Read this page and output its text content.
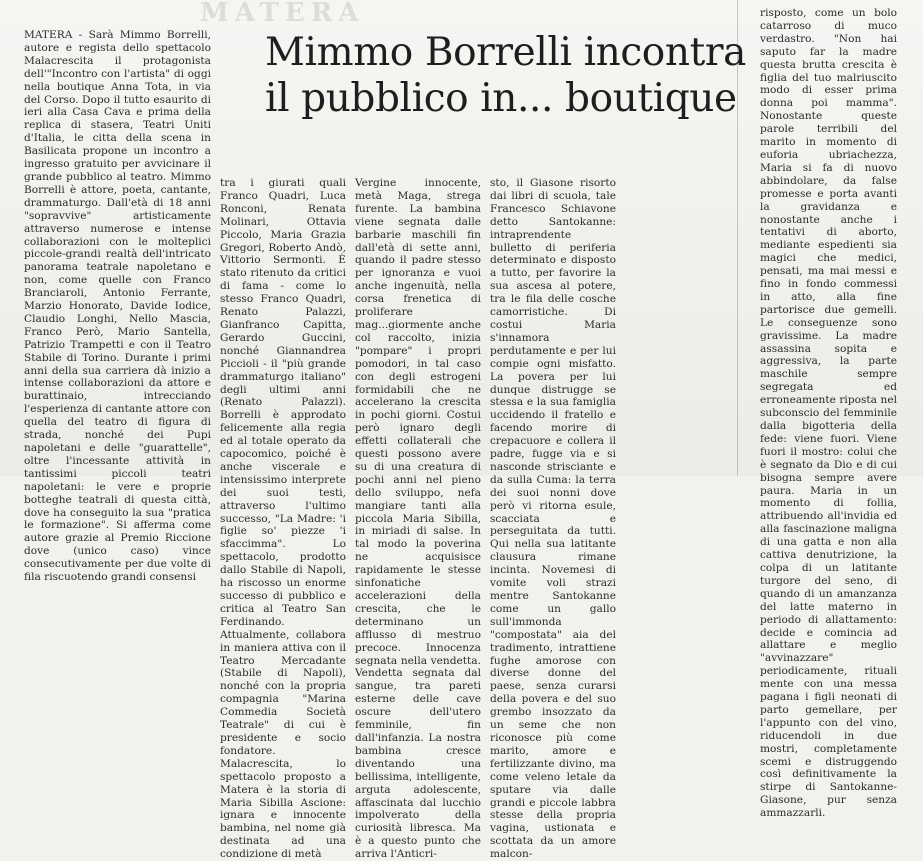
MATERA
MATERA - Sarà Mimmo Borrelli, autore e regista dello spettacolo Malacrescita il protagonista dell'"Incontro con l'artista" di oggi nella boutique Anna Tota, in via del Corso. Dopo il tutto esaurito di ieri alla Casa Cava e prima della replica di stasera, Teatri Uniti d'Italia, le citta della scena in Basilicata propone un incontro a ingresso gratuito per avvicinare il grande pubblico al teatro. Mimmo Borrelli è attore, poeta, cantante, drammaturgo. Dall'età di 18 anni "sopravvive" artisticamente attraverso numerose e intense collaborazioni con le molteplici piccole-grandi realtà dell'intricato panorama teatrale napoletano e non, come quelle con Franco Branciaroli, Antonio Ferrante, Marzio Honorato, Davide Iodice, Claudio Longhi, Nello Mascia, Franco Però, Mario Santella, Patrizio Trampetti e con il Teatro Stabile di Torino. Durante i primi anni della sua carriera dà inizio a intense collaborazioni da attore e burattinaio, intrecciando l'esperienza di cantante attore con quella del teatro di figura di strada, nonché dei Pupi napoletani e delle "guarattelle", oltre l'incessante attività in tantissimi piccoli teatri napoletani: le vere e proprie botteghe teatrali di questa città, dove ha conseguito la sua "pratica le formazione". Si afferma come autore grazie al Premio Riccione dove (unico caso) vince consecutivamente per due volte di fila riscuotendo grandi consensi
Mimmo Borrelli incontra
il pubblico in... boutique
tra i giurati quali Franco Quadri, Luca Ronconi, Renata Molinari, Ottavia Piccolo, Maria Grazia Gregori, Roberto Andò, Vittorio Sermonti. È stato ritenuto da critici di fama - come lo stesso Franco Quadri, Renato Palazzi, Gianfranco Capitta, Gerardo Guccini, nonché Giannandrea Piccioli - il "più grande drammaturgo italiano" degli ultimi anni (Renato Palazzi). Borrelli è approdato felicemente alla regia ed al totale operato da capocomico, poiché è anche viscerale e intensissimo interprete dei suoi testi, attraverso l'ultimo successo, "La Madre: 'i figlie so' piezze 'i sfaccimma". Lo spettacolo, prodotto dallo Stabile di Napoli, ha riscosso un enorme successo di pubblico e critica al Teatro San Ferdinando. Attualmente, collabora in maniera attiva con il Teatro Mercadante (Stabile di Napoli), nonché con la propria compagnia "Marina Commedia Società Teatrale" di cui è presidente e socio fondatore. Malacrescita, lo spettacolo proposto a Matera è la storia di Maria Sibilla Ascione: ignara e innocente bambina, nel nome già destinata ad una condizione di metà
Vergine innocente, metà Maga, strega furente. La bambina viene segnata dalle barbarie maschili fin dall'età di sette anni, quando il padre stesso per ignoranza e vuoi anche ingenuità, nella corsa frenetica di proliferare mag...giormente anche col raccolto, inizia "pompare" i propri pomodori, in tal caso con degli estrogeni formidabili che ne accelerano la crescita in pochi giorni. Costui però ignaro degli effetti collaterali che questi possono avere su di una creatura di pochi anni nel pieno dello sviluppo, nefa mangiare tanti alla piccola Maria Sibilla, in miriadi di salse. In tal modo la poverina ne acquisisce rapidamente le stesse sinfonatiche accelerazioni della crescita, che le determinano un afflusso di mestruo precoce. Innocenza segnata nella vendetta. Vendetta segnata dal sangue, tra pareti esterne delle cave oscure dell'utero femminile, fin dall'infanzia. La nostra bambina cresce diventando una bellissima, intelligente, arguta adolescente, affascinata dal lucchio impolverato della curiosità libresca. Ma è a questo punto che arriva l'Anticri-
sto, il Giasone risorto dai libri di scuola, tale Francesco Schiavone detto Santokanne: intraprendente bulletto di periferia determinato e disposto a tutto, per favorire la sua ascesa al potere, tra le fila delle cosche camorristiche. Di costui Maria s'innamora perdutamente e per lui compie ogni misfatto. La povera per lui dunque distrugge se stessa e la sua famiglia uccidendo il fratello e facendo morire di crepacuore e collera il padre, fugge via e si nasconde strisciante e da sulla Cuma: la terra dei suoi nonni dove però vi ritorna esule, scacciata e perseguitata da tutti. Qui nella sua latitante clausura rimane incinta. Novemesi di vomite voli strazi mentre Santokanne come un gallo sull'immonda "compostata" aia del tradimento, intrattiene fughe amorose con diverse donne del paese, senza curarsi della povera e del suo grembo insozzato da un seme che non riconosce più come marito, amore e fertilizzante divino, ma come veleno letale da sputare via dalle grandi e piccole labbra stesse della propria vagina, ustionata e scottata da un amore malcon-
risposto, come un bolo catarroso di muco verdastro. "Non hai saputo far la madre questa brutta crescita è figlia del tuo malriuscito modo di esser prima donna poi mamma". Nonostante queste parole terribili del marito in momento di euforia ubriachezza, Maria si fa di nuovo abbindolare, da false promesse e porta avanti la gravidanza e nonostante anche i tentativi di aborto, mediante espedienti sia magici che medici, pensati, ma mai messi e fino in fondo commessi in atto, alla fine partorisce due gemelli. Le conseguenze sono gravissime. La madre assassina sopita e aggressiva, la parte maschile sempre segregata ed erroneamente riposta nel subconscio del femminile dalla bigotteria della fede: viene fuori. Viene fuori il mostro: colui che è segnato da Dio e di cui bisogna sempre avere paura. Maria in un momento di follia, attribuendo all'invidia ed alla fascinazione maligna di una gatta e non alla cattiva denutrizione, la colpa di un latitante turgore del seno, di quando di un amanzanza del latte materno in periodo di allattamento: decide e comincia ad allattare e meglio "avvinazzare" periodicamente, rituali mente con una messa pagana i figli neonati di parto gemellare, per l'appunto con del vino, riducendoli in due mostri, completamente scemi e distruggendo così definitivamente la stirpe di Santokanne-Giasone, pur senza ammazzarli.
